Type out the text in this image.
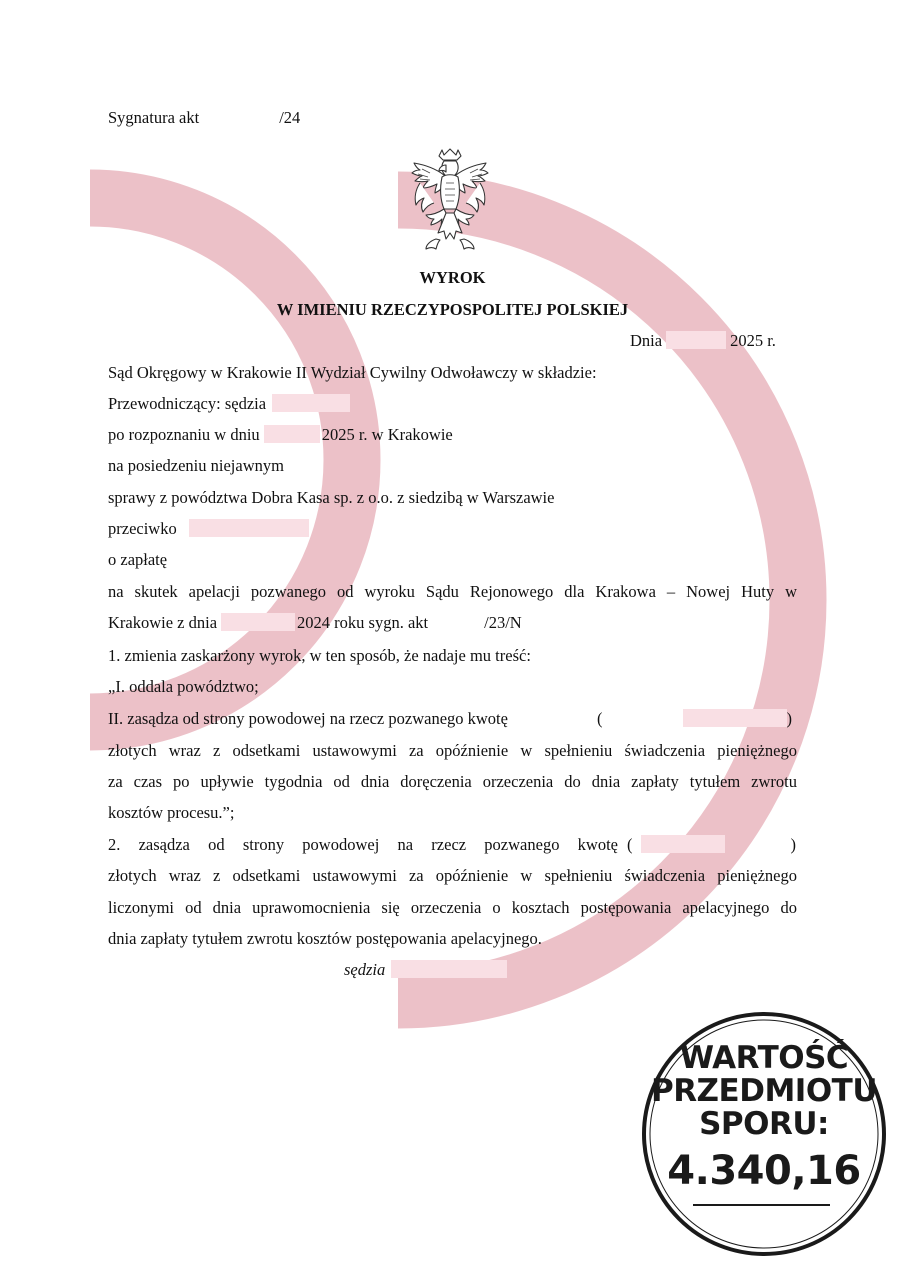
Sygnatura akt	/24
WYROK
W IMIENIU RZECZYPOSPOLITEJ POLSKIEJ
Dnia	2025 r.
Sąd Okręgowy w Krakowie II Wydział Cywilny Odwoławczy w składzie:
Przewodniczący: sędzia
po rozpoznaniu w dniu	2025 r. w Krakowie
na posiedzeniu niejawnym
sprawy z powództwa Dobra Kasa sp. z o.o. z siedzibą w Warszawie
przeciwko
o zapłatę
na skutek apelacji pozwanego od wyroku Sądu Rejonowego dla Krakowa – Nowej Huty w
Krakowie z dnia	2024 roku sygn. akt	/23/N
1. zmienia zaskarżony wyrok, w ten sposób, że nadaje mu treść:
„I. oddala powództwo;
II. zasądza od strony powodowej na rzecz pozwanego kwotę	(	)
złotych wraz z odsetkami ustawowymi za opóźnienie w spełnieniu świadczenia pieniężnego
za czas po upływie tygodnia od dnia doręczenia orzeczenia do dnia zapłaty tytułem zwrotu
kosztów procesu.”;
2. zasądza od strony powodowej na rzecz pozwanego kwotę (	)
złotych wraz z odsetkami ustawowymi za opóźnienie w spełnieniu świadczenia pieniężnego
liczonymi od dnia uprawomocnienia się orzeczenia o kosztach postępowania apelacyjnego do
dnia zapłaty tytułem zwrotu kosztów postępowania apelacyjnego.
sędzia
WARTOŚĆ
PRZEDMIOTU
SPORU:
4.340,16
